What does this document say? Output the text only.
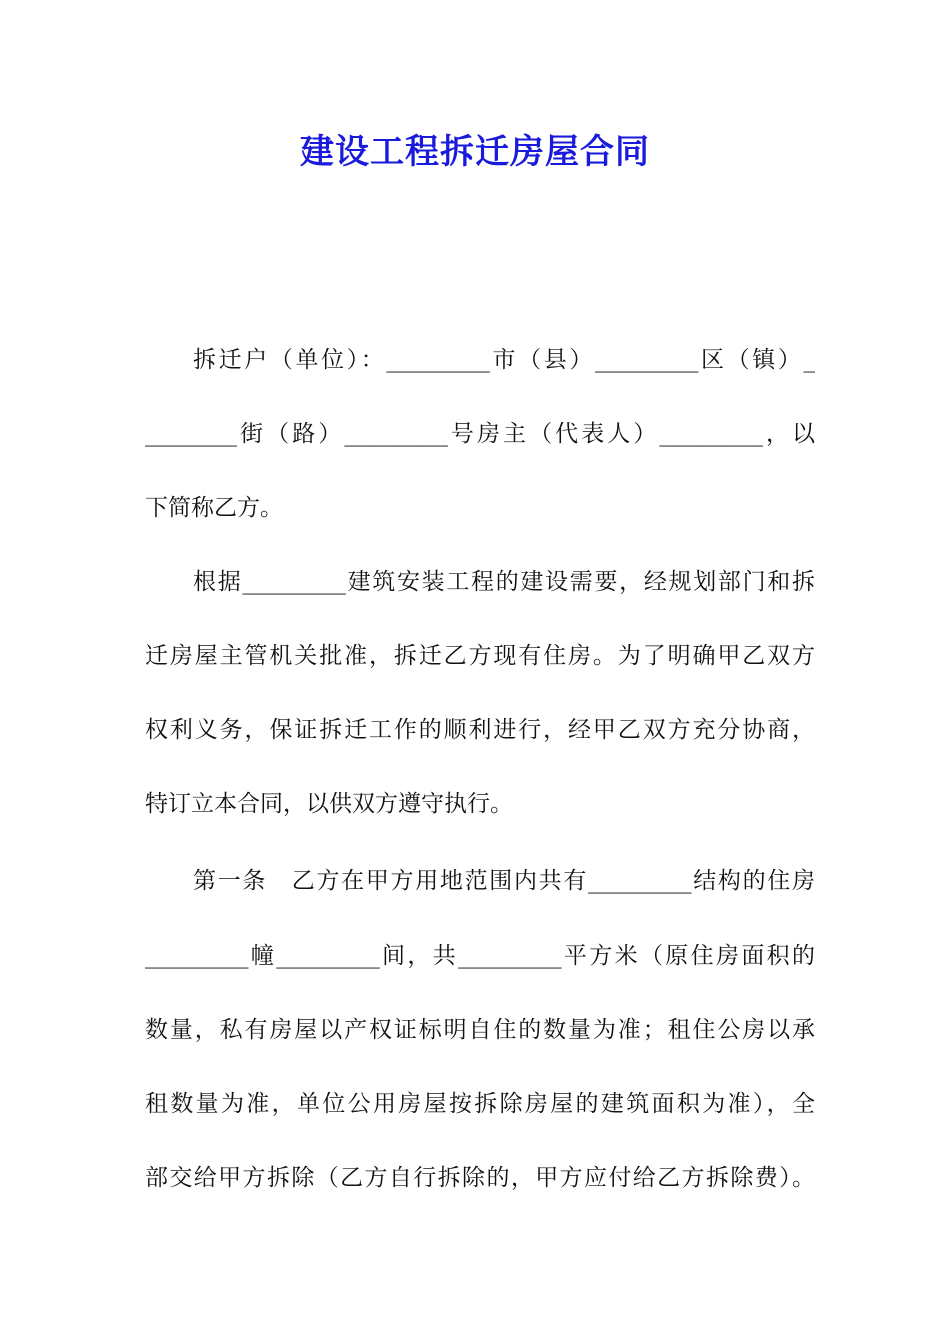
建设工程拆迁房屋合同

拆迁户（单位）：_________市（县）_________区（镇）_

________街（路）_________号房主（代表人）_________，以

下简称乙方。

根据_________建筑安装工程的建设需要，经规划部门和拆

迁房屋主管机关批准，拆迁乙方现有住房。为了明确甲乙双方

权利义务，保证拆迁工作的顺利进行，经甲乙双方充分协商，

特订立本合同，以供双方遵守执行。

第一条　乙方在甲方用地范围内共有_________结构的住房

_________幢_________间，共_________平方米（原住房面积的

数量，私有房屋以产权证标明自住的数量为准；租住公房以承

租数量为准，单位公用房屋按拆除房屋的建筑面积为准），全

部交给甲方拆除（乙方自行拆除的，甲方应付给乙方拆除费）。
